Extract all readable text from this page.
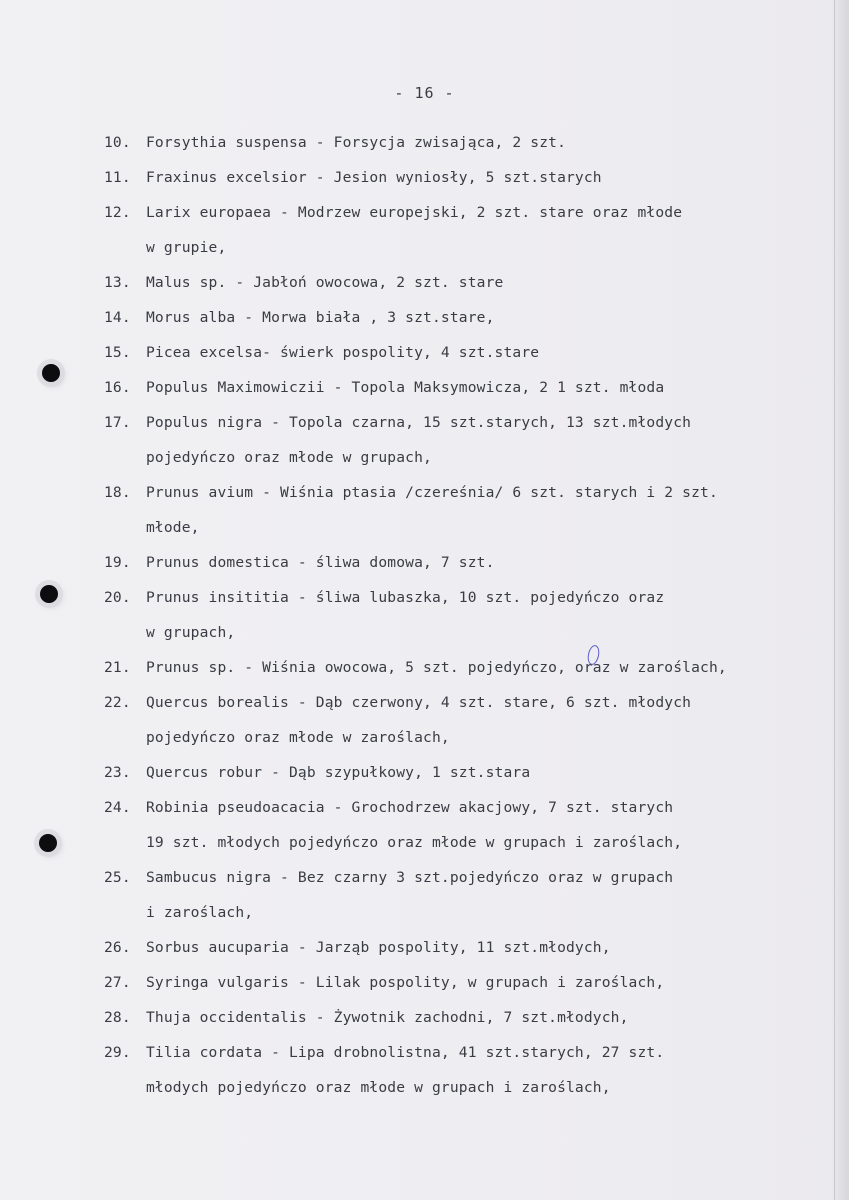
- 16 -
10. Forsythia suspensa - Forsycja zwisająca, 2 szt.
11. Fraxinus excelsior - Jesion wyniosły, 5 szt.starych
12. Larix europaea - Modrzew europejski, 2 szt. stare oraz młode
w grupie,
13. Malus sp. - Jabłoń owocowa, 2 szt. stare
14. Morus alba - Morwa biała , 3 szt.stare,
15. Picea excelsa- świerk pospolity, 4 szt.stare
16. Populus Maximowiczii - Topola Maksymowicza, 2 1 szt. młoda
17. Populus nigra - Topola czarna, 15 szt.starych, 13 szt.młodych
pojedyńczo oraz młode w grupach,
18. Prunus avium - Wiśnia ptasia /czereśnia/ 6 szt. starych i 2 szt.
młode,
19. Prunus domestica - śliwa domowa, 7 szt.
20. Prunus insititia - śliwa lubaszka, 10 szt. pojedyńczo oraz
w grupach,
21. Prunus sp. - Wiśnia owocowa, 5 szt. pojedyńczo, oraz w zaroślach,
22. Quercus borealis - Dąb czerwony, 4 szt. stare, 6 szt. młodych
pojedyńczo oraz młode w zaroślach,
23. Quercus robur - Dąb szypułkowy, 1 szt.stara
24. Robinia pseudoacacia - Grochodrzew akacjowy, 7 szt. starych
19 szt. młodych pojedyńczo oraz młode w grupach i zaroślach,
25. Sambucus nigra - Bez czarny 3 szt.pojedyńczo oraz w grupach
i zaroślach,
26. Sorbus aucuparia - Jarząb pospolity, 11 szt.młodych,
27. Syringa vulgaris - Lilak pospolity, w grupach i zaroślach,
28. Thuja occidentalis - Żywotnik zachodni, 7 szt.młodych,
29. Tilia cordata - Lipa drobnolistna, 41 szt.starych, 27 szt.
młodych pojedyńczo oraz młode w grupach i zaroślach,
